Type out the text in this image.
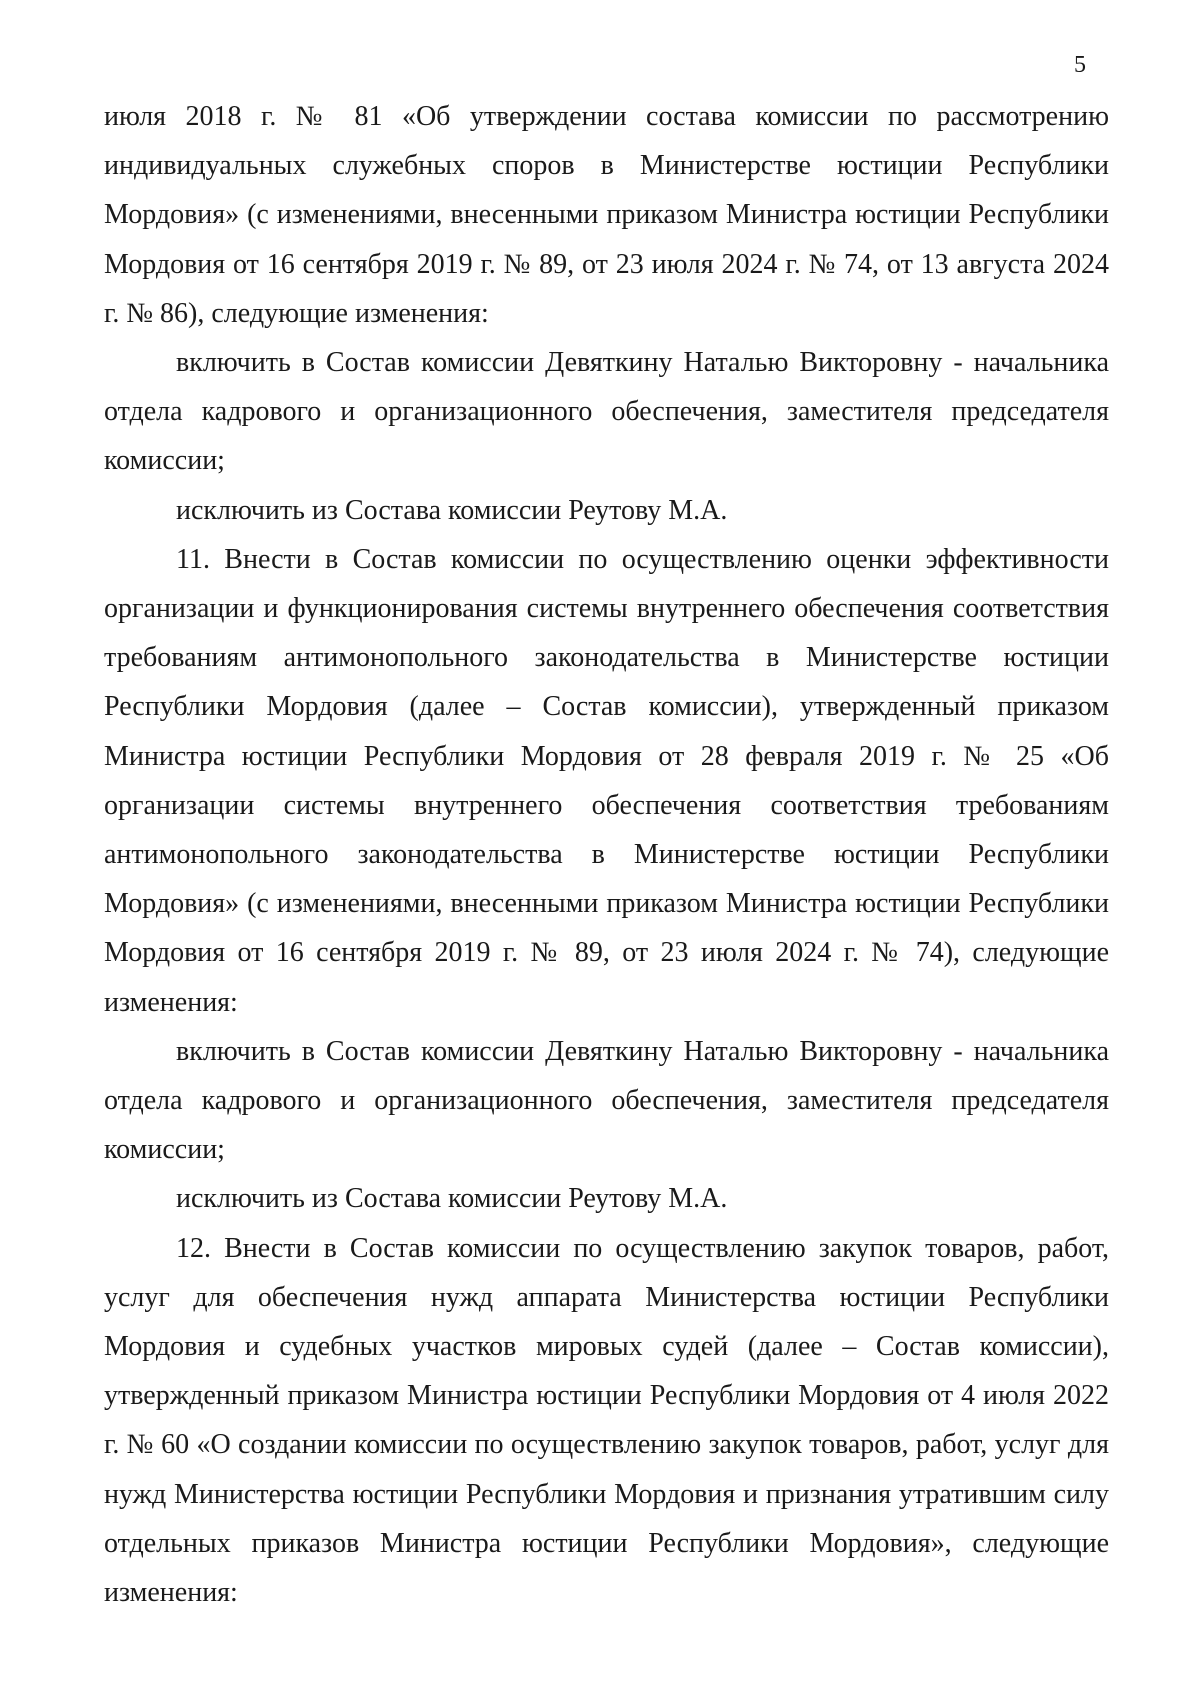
5

июля 2018 г. № 81 «Об утверждении состава комиссии по рассмотрению индивидуальных служебных споров в Министерстве юстиции Республики Мордовия» (с изменениями, внесенными приказом Министра юстиции Республики Мордовия от 16 сентября 2019 г. № 89, от 23 июля 2024 г. № 74, от 13 августа 2024 г. № 86), следующие изменения:

включить в Состав комиссии Девяткину Наталью Викторовну - начальника отдела кадрового и организационного обеспечения, заместителя председателя комиссии;

исключить из Состава комиссии Реутову М.А.

11. Внести в Состав комиссии по осуществлению оценки эффективности организации и функционирования системы внутреннего обеспечения соответствия требованиям антимонопольного законодательства в Министерстве юстиции Республики Мордовия (далее – Состав комиссии), утвержденный приказом Министра юстиции Республики Мордовия от 28 февраля 2019 г. № 25 «Об организации системы внутреннего обеспечения соответствия требованиям антимонопольного законодательства в Министерстве юстиции Республики Мордовия» (с изменениями, внесенными приказом Министра юстиции Республики Мордовия от 16 сентября 2019 г. № 89, от 23 июля 2024 г. № 74), следующие изменения:

включить в Состав комиссии Девяткину Наталью Викторовну - начальника отдела кадрового и организационного обеспечения, заместителя председателя комиссии;

исключить из Состава комиссии Реутову М.А.

12. Внести в Состав комиссии по осуществлению закупок товаров, работ, услуг для обеспечения нужд аппарата Министерства юстиции Республики Мордовия и судебных участков мировых судей (далее – Состав комиссии), утвержденный приказом Министра юстиции Республики Мордовия от 4 июля 2022 г. № 60 «О создании комиссии по осуществлению закупок товаров, работ, услуг для нужд Министерства юстиции Республики Мордовия и признания утратившим силу отдельных приказов Министра юстиции Республики Мордовия», следующие изменения:
